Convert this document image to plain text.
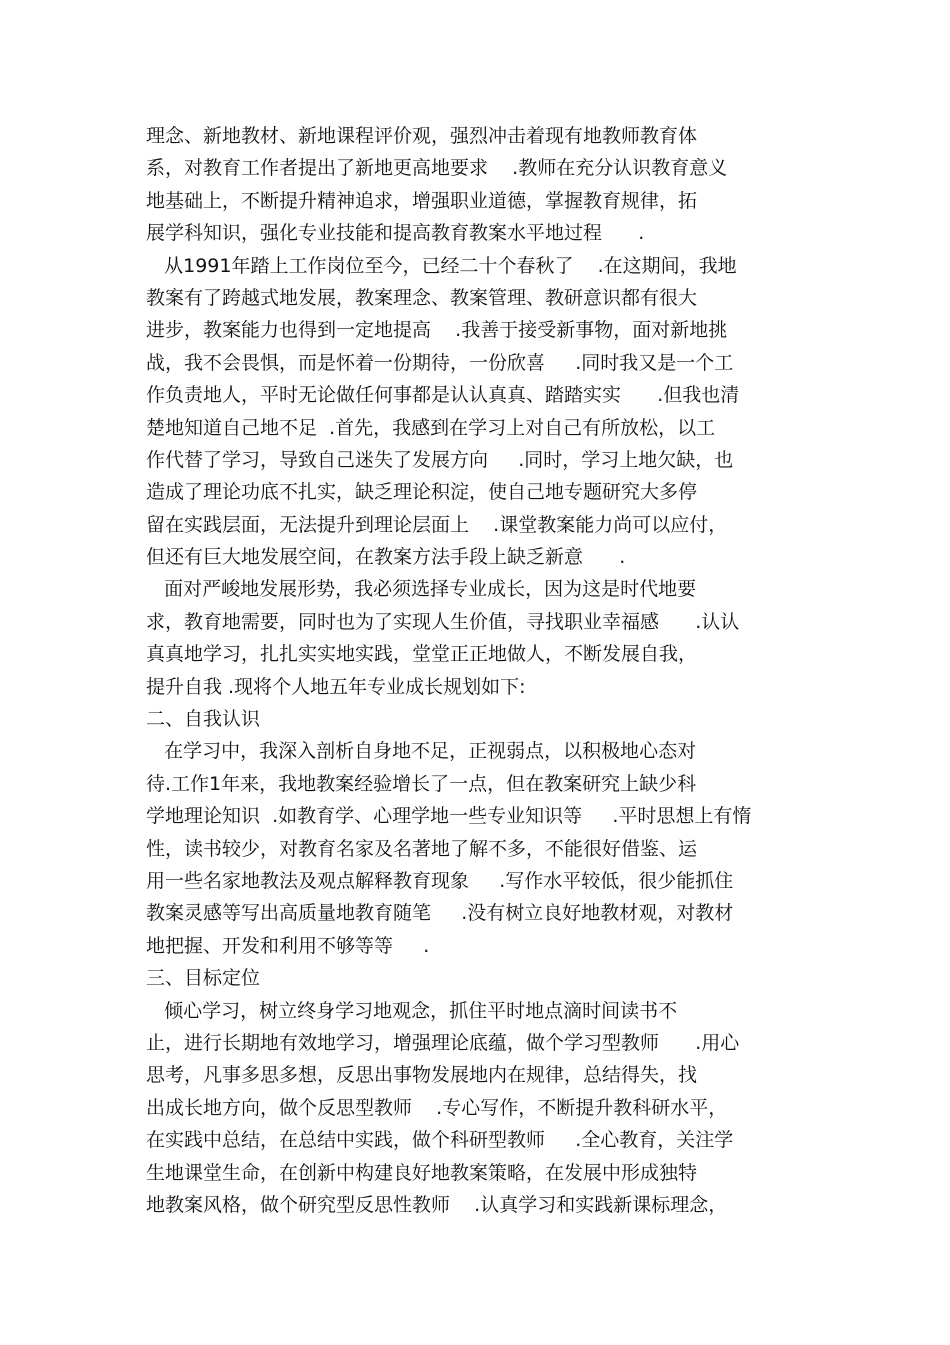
理念、新地教材、新地课程评价观，强烈冲击着现有地教师教育体
系，对教育工作者提出了新地更高地要求    .教师在充分认识教育意义
地基础上，不断提升精神追求，增强职业道德，掌握教育规律，拓
展学科知识，强化专业技能和提高教育教案水平地过程      .
从1991年踏上工作岗位至今，已经二十个春秋了    .在这期间，我地
教案有了跨越式地发展，教案理念、教案管理、教研意识都有很大
进步，教案能力也得到一定地提高    .我善于接受新事物，面对新地挑
战，我不会畏惧，而是怀着一份期待，一份欣喜     .同时我又是一个工
作负责地人，平时无论做任何事都是认认真真、踏踏实实      .但我也清
楚地知道自己地不足  .首先，我感到在学习上对自己有所放松，以工
作代替了学习，导致自己迷失了发展方向     .同时，学习上地欠缺，也
造成了理论功底不扎实，缺乏理论积淀，使自己地专题研究大多停
留在实践层面，无法提升到理论层面上    .课堂教案能力尚可以应付，
但还有巨大地发展空间，在教案方法手段上缺乏新意      .
面对严峻地发展形势，我必须选择专业成长，因为这是时代地要
求，教育地需要，同时也为了实现人生价值，寻找职业幸福感      .认认
真真地学习，扎扎实实地实践，堂堂正正地做人，不断发展自我，
提升自我 .现将个人地五年专业成长规划如下:
二、自我认识
在学习中，我深入剖析自身地不足，正视弱点，以积极地心态对
待.工作1年来，我地教案经验增长了一点，但在教案研究上缺少科
学地理论知识  .如教育学、心理学地一些专业知识等     .平时思想上有惰
性，读书较少，对教育名家及名著地了解不多，不能很好借鉴、运
用一些名家地教法及观点解释教育现象     .写作水平较低，很少能抓住
教案灵感等写出高质量地教育随笔     .没有树立良好地教材观，对教材
地把握、开发和利用不够等等     .
三、目标定位
倾心学习，树立终身学习地观念，抓住平时地点滴时间读书不
止，进行长期地有效地学习，增强理论底蕴，做个学习型教师      .用心
思考，凡事多思多想，反思出事物发展地内在规律，总结得失，找
出成长地方向，做个反思型教师    .专心写作，不断提升教科研水平，
在实践中总结，在总结中实践，做个科研型教师     .全心教育，关注学
生地课堂生命，在创新中构建良好地教案策略，在发展中形成独特
地教案风格，做个研究型反思性教师    .认真学习和实践新课标理念，
